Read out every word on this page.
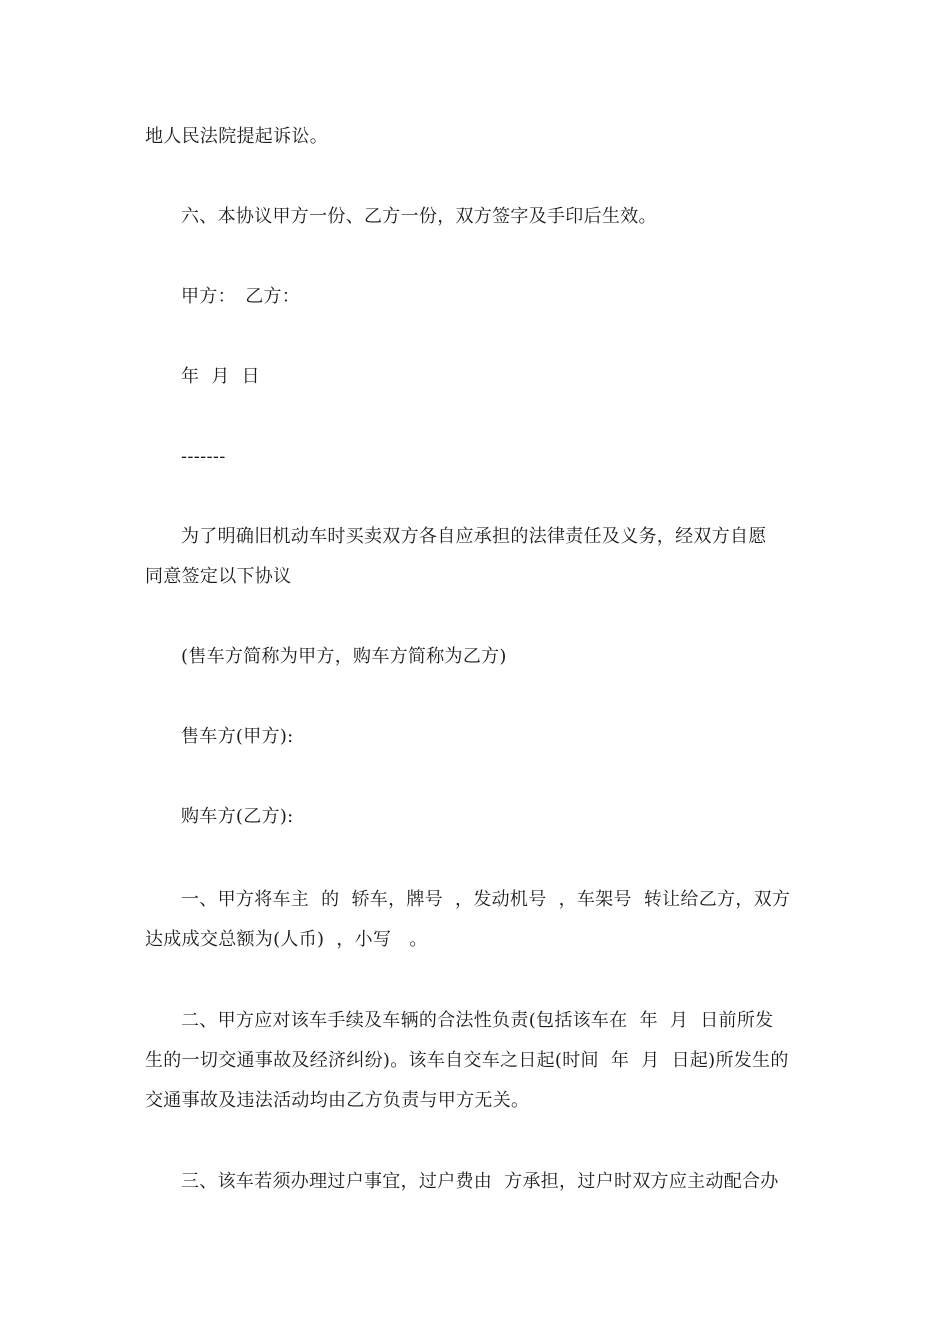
地人民法院提起诉讼。
六、本协议甲方一份、乙方一份，双方签字及手印后生效。
甲方：　乙方：
年  月  日
-------
为了明确旧机动车时买卖双方各自应承担的法律责任及义务，经双方自愿
同意签定以下协议
(售车方简称为甲方，购车方简称为乙方)
售车方(甲方):
购车方(乙方):
一、甲方将车主  的  轿车，牌号  ，发动机号  ，车架号  转让给乙方，双方
达成成交总额为(人币)  ，小写   。
二、甲方应对该车手续及车辆的合法性负责(包括该车在  年  月  日前所发
生的一切交通事故及经济纠纷)。该车自交车之日起(时间  年  月  日起)所发生的
交通事故及违法活动均由乙方负责与甲方无关。
三、该车若须办理过户事宜，过户费由  方承担，过户时双方应主动配合办
